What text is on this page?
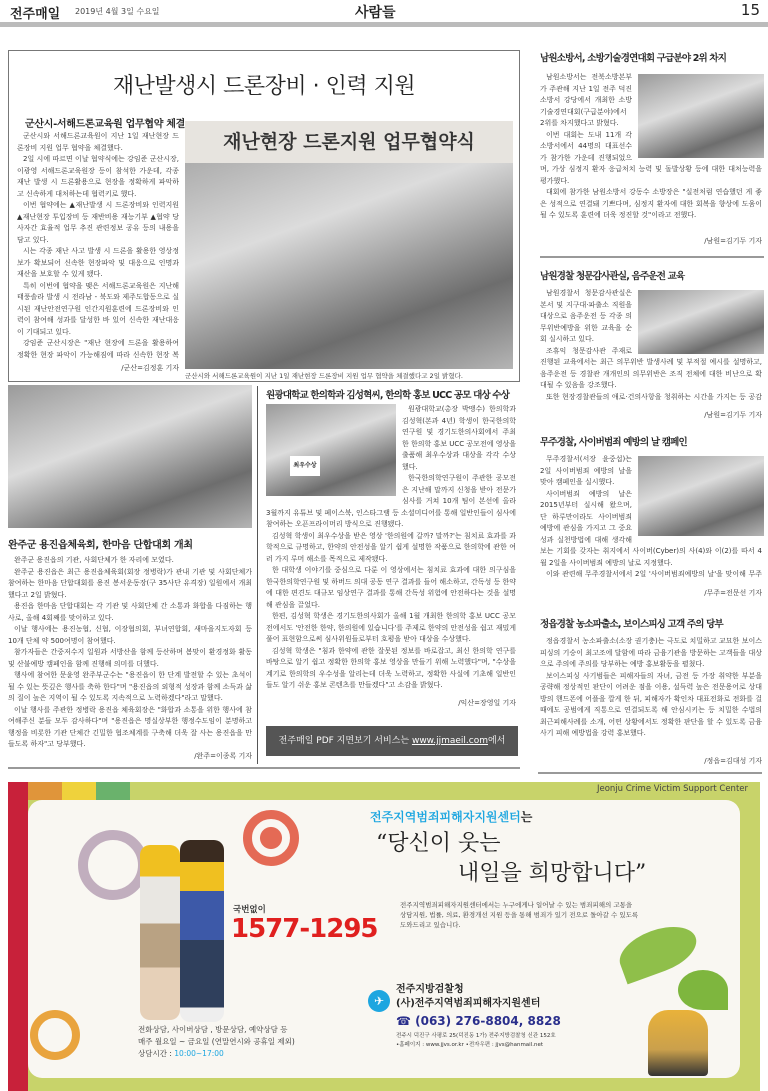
전주매일 2019년 4월 3일 수요일	사람들	15
재난발생시 드론장비 · 인력 지원
군산시-서해드론교육원 업무협약 체결

군산시와 서해드론교육원이 지난 1일 재난현장 드론장비 지원 업무 협약을 체결했다.

2일 시에 따르면 이날 협약식에는 강임준 군산시장, 이광영 서해드론교육원장 등이 참석한 가운데, 각종 재난 발생 시 드론활용으로 현장을 정확하게 파악하고 신속하게 대처하는데 협력키로 했다.

이번 협약에는 ▲재난발생 시 드론장비와 인력지원 ▲재난현장 투입장비 등 재반비용 재능기부 ▲협약 당사자간 효율적 업무 추진 관련정보 공유 등의 내용을 담고 있다.

시는 각종 재난 사고 발생 시 드론을 활용한 영상정보가 확보되어 신속한 현장파악 및 대응으로 인명과 재산을 보호할 수 있게 됐다.

특히 이번에 협약을 맺은 서해드론교육원은 지난해 태풍솔라 발생 시 전라남 - 북도와 제주도합동으로 실시된 재난안전연구원 인간지원훈련에 드론장비와 인력이 참여해 성과를 달성한 바 있어 신속한 재난대응이 기대되고 있다.

강임준 군산시장은 "재난 현장에 드론을 활용하여 정확한 현장 파악이 가능해짐에 따라 신속한 현장 복

/군산=김정훈 기자
재난현장 드론지원 업무협약식
군산시와 서해드론교육원이 지난 1일 재난현장 드론장비 지원 업무 협약을 체결했다고 2일 밝혔다.
남원소방서, 소방기술경연대회 구급분야 2위 차지

남원소방서는 전북소방본부가 주관해 지난 1일 전주 덕진소방서 강당에서 개최한 소방기술경연대회(구급분야)에서 2위를 차지했다고 밝혔다.

이번 대회는 도내 11개 각 소방서에서 44명의 대표선수가 참가한 가운데 진행되었으며, 가상 심정지 환자 응급처치 능력 및 돌발상황 등에 대한 대처능력을 평가했다.

대회에 참가한 남원소방서 강동수 소방장은 "실전처럼 연습했던 게 좋은 성적으로 연결돼 기쁘다며, 심정지 환자에 대한 회복을 향상에 도움이 될 수 있도록 훈련에 더욱 정진할 것"이라고 전했다.

/남원=김기두 기자
남원경찰 청문감사관실, 음주운전 교육

남원경찰서 청문감사관실은 본서 및 지구대·파출소 직원을 대상으로 음주운전 등 각종 의무위반예방을 위한 교육을 순회 실시하고 있다.

조휴익 청문감사관 주재로 진행된 교육에서는 최근 의무위반 발생사례 및 부적절 예시를 설명하고, 음주운전 등 경찰관 개개인의 의무위반은 조직 전체에 대한 비난으로 확대될 수 있음을 강조했다.

또한 현장경찰관들의 애로·건의사항을 청취하는 시간을 가지는 등 공감

/남원=김기두 기자
무주경찰, 사이버범죄 예방의 날 캠페인

무주경찰서(서장 윤중섭)는 2일 사이버범죄 예방의 날을 맞아 캠페인을 실시했다.

사이버범죄 예방의 날은 2015년부터 실시해 왔으며, 단 하루만이라도 사이버범죄 예방에 관심을 가지고 그 중요성과 실천방법에 대해 생각해보는 기회를 갖자는 취지에서 사이버(Cyber)의 사(4)와 이(2)를 따서 4월 2일을 사이버범죄 예방의 날로 지정했다.

이와 관련해 무주경찰서에서 2일 '사이버범죄예방의 날'을 맞이해 무주

/무주=전문선 기자
정읍경찰 농소파출소, 보이스피싱 고객 주의 당부

정읍경찰서 농소파출소(소장 권기충)는 극도로 치밀하고 교묘한 보이스피싱의 기승이 최고조에 달함에 따라 금융기관을 방문하는 고객들을 대상으로 주의에 주의를 당부하는 예방 홍보활동을 펼쳤다.

보이스피싱 사기범들은 피해자들의 자녀, 금전 등 가장 취약한 부분을 공략해 정상적인 판단이 어려운 점을 이용, 설득력 높은 전문용어로 상대방의 핸드폰에 어플을 깔게 한 뒤, 피해자가 확인차 대표전화로 전화를 걸 때에도 공범에게 직통으로 연결되도록 해 안심시키는 등 치밀한 수법의 최근피해사례를 소개, 어떤 상황에서도 정확한 판단을 할 수 있도록 금융사기 피해 예방법을 강력 홍보했다.

/정읍=김대성 기자
완주군 용진읍체육회, 한마음 단합대회 개최

완주군 용진읍의 기관, 사회단체가 한 자리에 모였다.

완주군 용진읍은 최근 용진읍체육회(회장 정병락)가 관내 기관 및 사회단체가 참여하는 한마음 단합대회를 용진 봉서운동장(구 35사단 유격장) 일원에서 개최했다고 2일 밝혔다.

용진읍 한마음 단합대회는 각 기관 및 사회단체 간 소통과 화합을 다짐하는 행사로, 올해 4회째를 맞이하고 있다.

이날 행사에는 용진농협, 신협, 이장협의회, 부녀연합회, 새마을지도자회 등 10개 단체 약 500여명이 참여했다.

참가자들은 간중저수지 일원과 서방산을 함께 등산하며 봄맞이 환경정화 활동 및 산불예방 캠페인을 함께 진행해 의미를 더했다.

행사에 참여한 문윤영 완주부군수는 "용진읍이 한 단계 발전할 수 있는 초석이 될 수 있는 뜻깊은 행사를 축하 한다"며 "용진읍의 외형적 성장과 함께 소득과 삶의 질이 높은 지역이 될 수 있도록 지속적으로 노력하겠다"라고 말했다.

이날 행사를 주관한 정병락 용진읍 체육회장은 "화합과 소통을 위한 행사에 참여해주신 분들 모두 감사하다"며 "용진읍은 명실상부한 행정수도임이 분명하고 행정을 비롯한 기관 단체간 긴밀한 협조체계를 구축해 더욱 잘 사는 용진읍을 만들도록 하자"고 당부했다.

/완주=이종록 기자
원광대학교 한의학과 김성혁씨, 한의학 홍보 UCC 공모 대상 수상
최우수상

원광대학교(총장 박맹수) 한의학과 김성혁(본과 4년) 학생이 한국한의학연구원 및 경기도한의사회에서 주최한 한의학 홍보 UCC 공모전에 영상을 출품해 최우수상과 대상을 각각 수상했다.

한국한의학연구원이 주관한 공모전은 지난해 말까지 신청을 받아 전문가 심사를 거쳐 10개 팀이 본선에 올라 3월까지 유튜브 및 페이스북, 인스타그램 등 소셜미디어를 통해 일반인들이 심사에 참여하는 오픈프라이머리 방식으로 진행됐다.

김성혁 학생이 최우수상을 받은 영상 '한의원에 갈까? 말까?'는 침치료 효과를 과학적으로 규명하고, 한약의 안전성을 알기 쉽게 설명한 작품으로 한의학에 관한 여러 가지 루머 해소를 목적으로 제작됐다.

한 대학생 이야기를 중심으로 다룬 이 영상에서는 침치료 효과에 대한 의구심을 한국한의학연구원 및 하버드 의대 공동 연구 결과를 들어 해소하고, 간독성 등 한약에 대한 편견도 대규모 임상연구 결과를 통해 간독성 위험에 안전하다는 것을 설명해 관심을 끌었다.

한편, 김성혁 학생은 경기도한의사회가 올해 1월 개최한 한의학 홍보 UCC 공모전에서도 '안전한 한약, 한의원에 있습니다'를 주제로 한약의 안전성을 쉽고 재밌게 풀어 표현함으로써 심사위원들로부터 호평을 받아 대상을 수상했다.

김성혁 학생은 "침과 한약에 관한 잘못된 정보를 바로잡고, 최신 한의학 연구를 바탕으로 알기 쉽고 정확한 한의학 홍보 영상을 만들기 위해 노력했다"며, "수상을 계기로 한의학의 우수성을 알리는데 더욱 노력하고, 정확한 사실에 기초해 일반인들도 알기 쉬운 홍보 콘텐츠를 만들겠다"고 소감을 밝혔다.

/익산=장영일 기자
전주매일 PDF 지면보기 서비스는 www.jjmaeil.com에서
Jeonju Crime Victim Support Center
국번없이
1577-1295
전화상담, 사이버상담 , 방문상담, 예약상담 등
매주 월요일 ~ 금요일 (연말연시와 공휴일 제외)
상담시간 : 10:00~17:00
전주지역범죄피해자지원센터는
“당신이 웃는
내일을 희망합니다”
전주지역범죄피해자지원센터에서는 누구에게나 일어날 수 있는 범죄피해의 고통을 상담지원, 법률, 의료, 환경개선 지원 등을 통해 범죄가 있기 전으로 돌아갈 수 있도록 도와드리고 있습니다.
✈
전주지방검찰청
(사)전주지역범죄피해자지원센터
☎ (063) 276-8804, 8828
전주시 덕진구 사평로 25(덕진동 1가) 전주지방검찰청 신관 152호
•홈페이지 : www.jjvs.or.kr •전자우편 : jjvs@hanmail.net
